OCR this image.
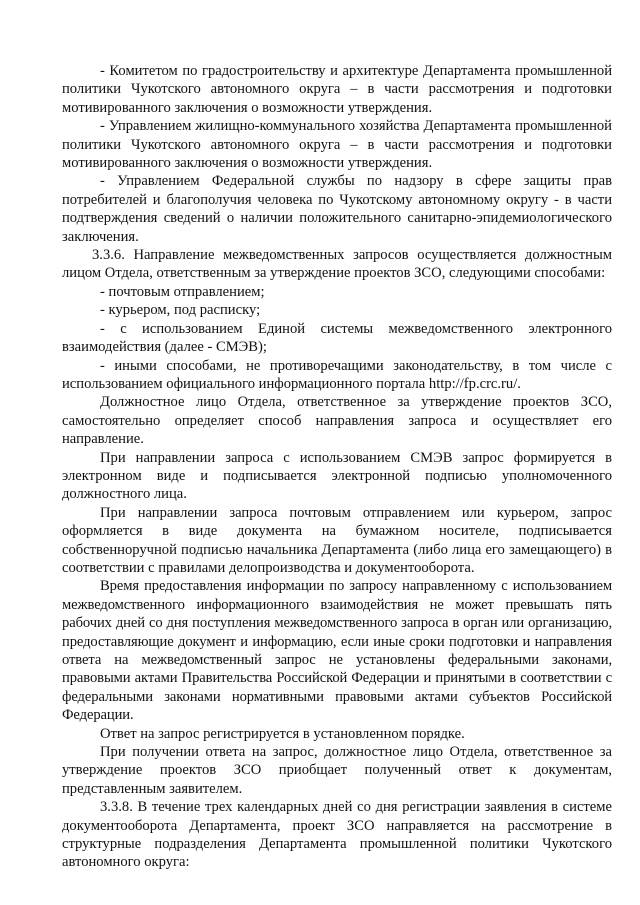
- Комитетом по градостроительству и архитектуре Департамента промышленной политики Чукотского автономного округа – в части рассмотрения и подготовки мотивированного заключения о возможности утверждения.

- Управлением жилищно-коммунального хозяйства Департамента промышленной политики Чукотского автономного округа – в части рассмотрения и подготовки мотивированного заключения о возможности утверждения.

- Управлением Федеральной службы по надзору в сфере защиты прав потребителей и благополучия человека по Чукотскому автономному округу - в части подтверждения сведений о наличии положительного санитарно-эпидемиологического заключения.

3.3.6. Направление межведомственных запросов осуществляется должностным лицом Отдела, ответственным за утверждение проектов ЗСО, следующими способами:

- почтовым отправлением;

- курьером, под расписку;

- с использованием Единой системы межведомственного электронного взаимодействия (далее - СМЭВ);

- иными способами, не противоречащими законодательству, в том числе с использованием официального информационного портала http://fp.crc.ru/.

Должностное лицо Отдела, ответственное за утверждение проектов ЗСО, самостоятельно определяет способ направления запроса и осуществляет его направление.

При направлении запроса с использованием СМЭВ запрос формируется в электронном виде и подписывается электронной подписью уполномоченного должностного лица.

При направлении запроса почтовым отправлением или курьером, запрос оформляется в виде документа на бумажном носителе, подписывается собственноручной подписью начальника Департамента (либо лица его замещающего) в соответствии с правилами делопроизводства и документооборота.

Время предоставления информации по запросу направленному с использованием межведомственного информационного взаимодействия не может превышать пять рабочих дней со дня поступления межведомственного запроса в орган или организацию, предоставляющие документ и информацию, если иные сроки подготовки и направления ответа на межведомственный запрос не установлены федеральными законами, правовыми актами Правительства Российской Федерации и принятыми в соответствии с федеральными законами нормативными правовыми актами субъектов Российской Федерации.

Ответ на запрос регистрируется в установленном порядке.

При получении ответа на запрос, должностное лицо Отдела, ответственное за утверждение проектов ЗСО приобщает полученный ответ к документам, представленным заявителем.

3.3.8. В течение трех календарных дней со дня регистрации заявления в системе документооборота Департамента, проект ЗСО направляется на рассмотрение в структурные подразделения Департамента промышленной политики Чукотского автономного округа:
